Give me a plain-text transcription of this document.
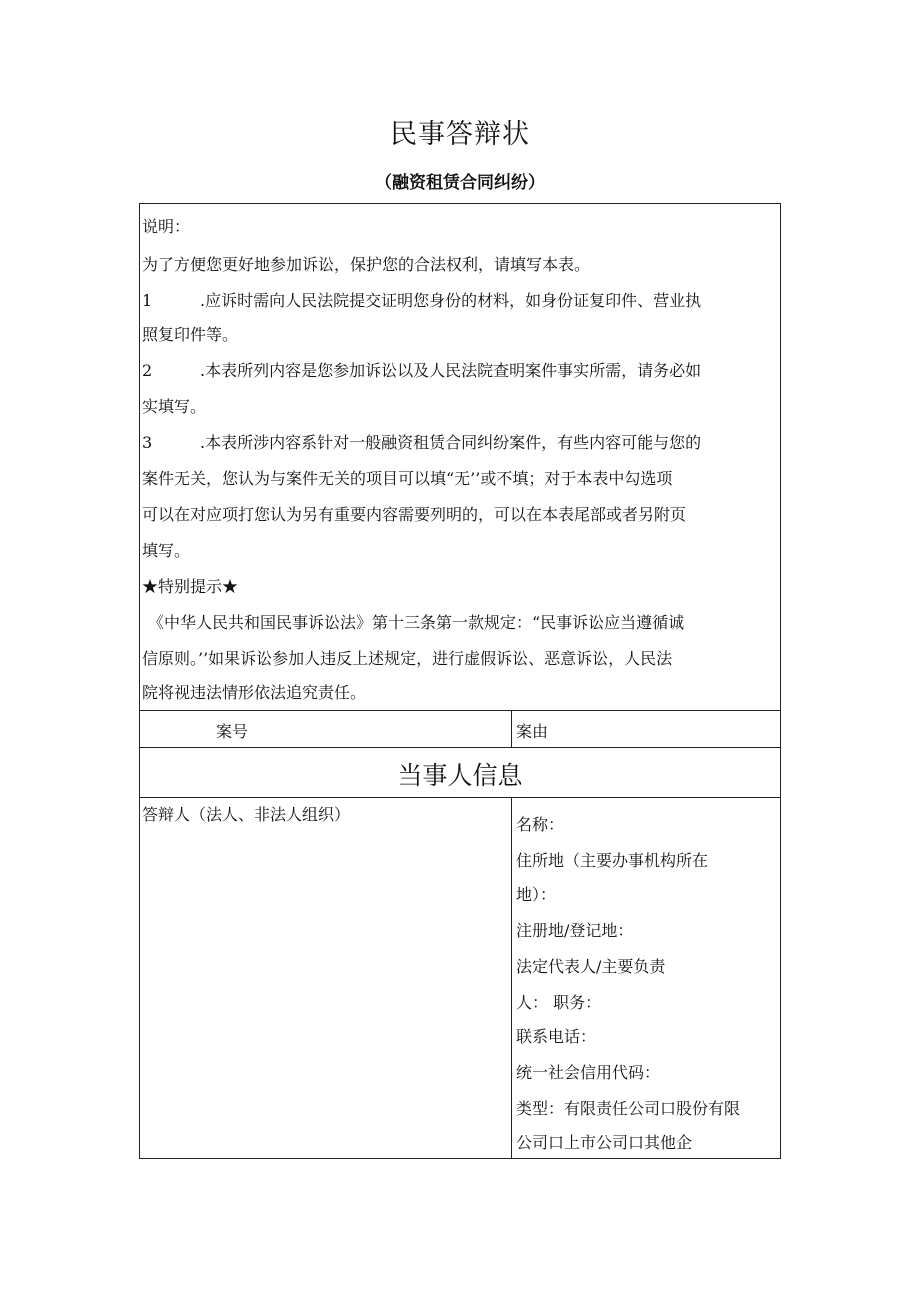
民事答辩状
（融资租赁合同纠纷）
说明：
为了方便您更好地参加诉讼，保护您的合法权利，请填写本表。
1	.应诉时需向人民法院提交证明您身份的材料，如身份证复印件、营业执
照复印件等。
2	.本表所列内容是您参加诉讼以及人民法院查明案件事实所需，请务必如
实填写。
3	.本表所涉内容系针对一般融资租赁合同纠纷案件，有些内容可能与您的
案件无关，您认为与案件无关的项目可以填“无’’或不填；对于本表中勾选项
可以在对应项打您认为另有重要内容需要列明的，可以在本表尾部或者另附页
填写。
★特别提示★
《中华人民共和国民事诉讼法》第十三条第一款规定：“民事诉讼应当遵循诚
信原则。’’如果诉讼参加人违反上述规定，进行虚假诉讼、恶意诉讼，人民法
院将视违法情形依法追究责任。
案号	案由
当事人信息
答辩人（法人、非法人组织）
名称：
住所地（主要办事机构所在
地）：
注册地/登记地：
法定代表人/主要负责
人： 职务：
联系电话：
统一社会信用代码：
类型：有限责任公司口股份有限
公司口上市公司口其他企
